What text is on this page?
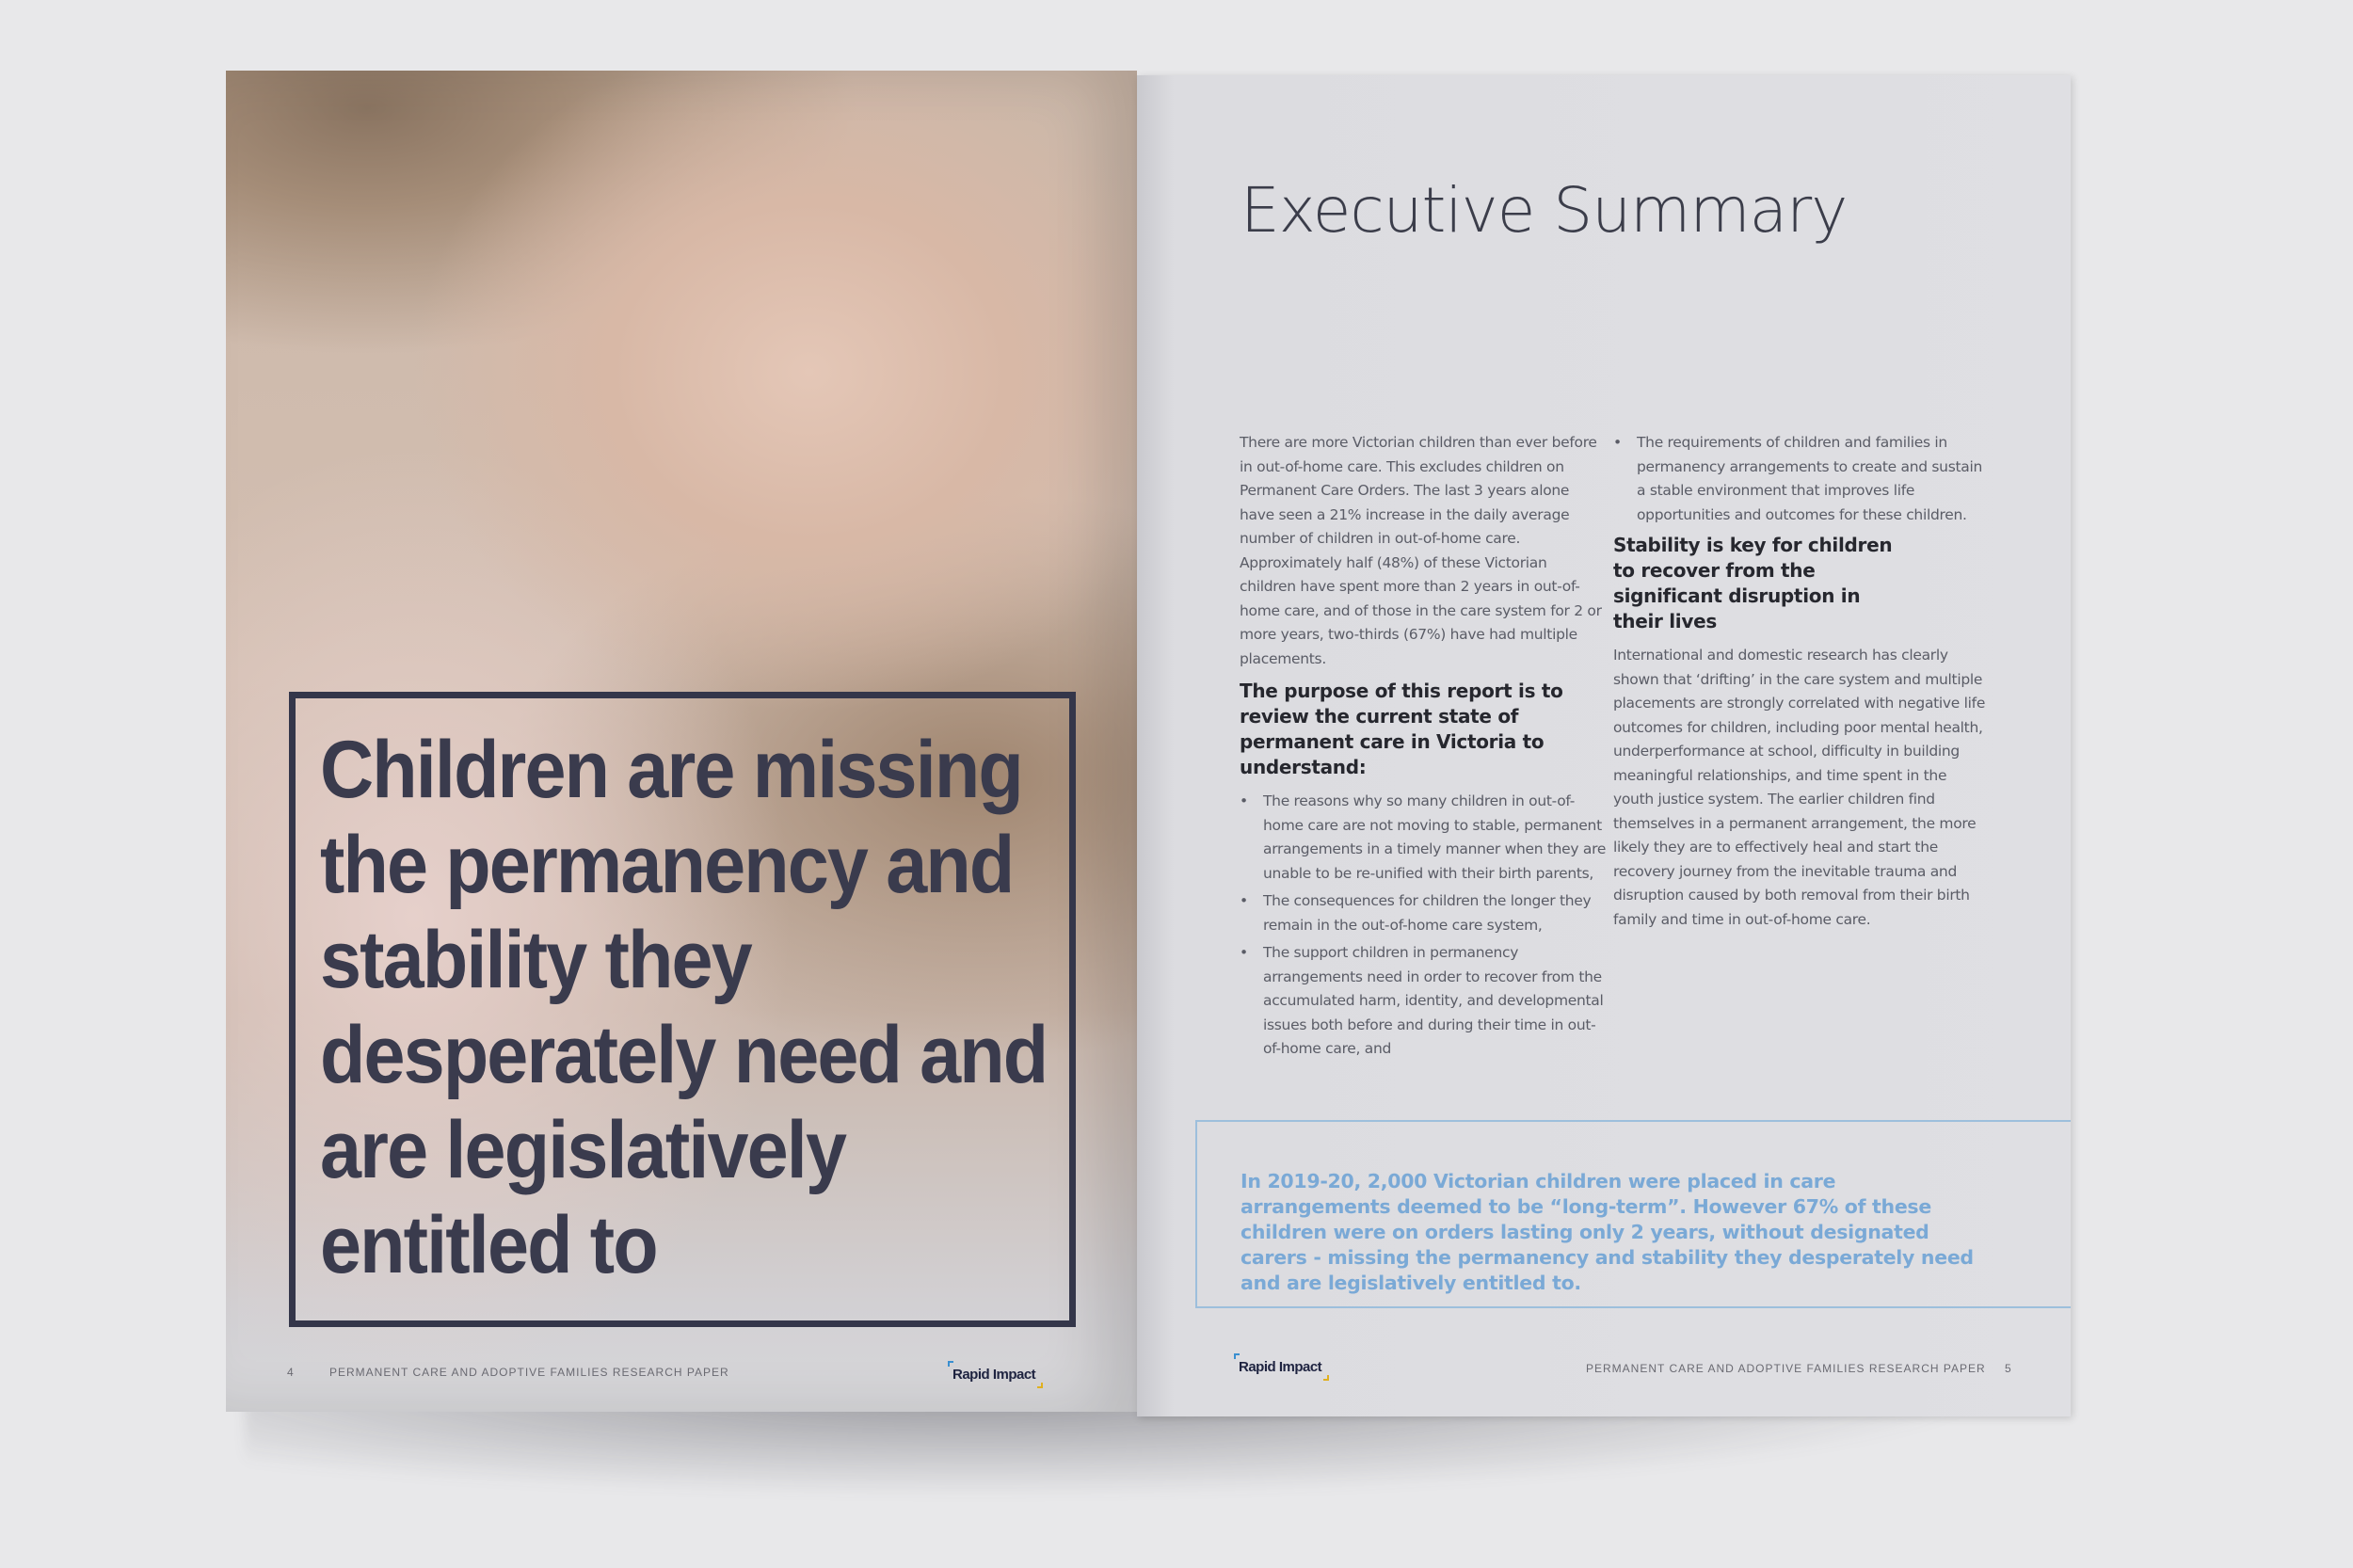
Children are missing the permanency and stability they desperately need and are legislatively entitled to
4	PERMANENT CARE AND ADOPTIVE FAMILIES RESEARCH PAPER	Rapid Impact
Executive Summary

There are more Victorian children than ever before in out-of-home care. This excludes children on Permanent Care Orders. The last 3 years alone have seen a 21% increase in the daily average number of children in out-of-home care. Approximately half (48%) of these Victorian children have spent more than 2 years in out-of-home care, and of those in the care system for 2 or more years, two-thirds (67%) have had multiple placements.

The purpose of this report is to review the current state of permanent care in Victoria to understand:
• The reasons why so many children in out-of-home care are not moving to stable, permanent arrangements in a timely manner when they are unable to be re-unified with their birth parents,
• The consequences for children the longer they remain in the out-of-home care system,
• The support children in permanency arrangements need in order to recover from the accumulated harm, identity, and developmental issues both before and during their time in out-of-home care, and
• The requirements of children and families in permanency arrangements to create and sustain a stable environment that improves life opportunities and outcomes for these children.
Stability is key for children to recover from the significant disruption in their lives

International and domestic research has clearly shown that ‘drifting’ in the care system and multiple placements are strongly correlated with negative life outcomes for children, including poor mental health, underperformance at school, difficulty in building meaningful relationships, and time spent in the youth justice system. The earlier children find themselves in a permanent arrangement, the more likely they are to effectively heal and start the recovery journey from the inevitable trauma and disruption caused by both removal from their birth family and time in out-of-home care.

In 2019-20, 2,000 Victorian children were placed in care arrangements deemed to be “long-term”. However 67% of these children were on orders lasting only 2 years, without designated carers - missing the permanency and stability they desperately need and are legislatively entitled to.

Rapid Impact	PERMANENT CARE AND ADOPTIVE FAMILIES RESEARCH PAPER 5
